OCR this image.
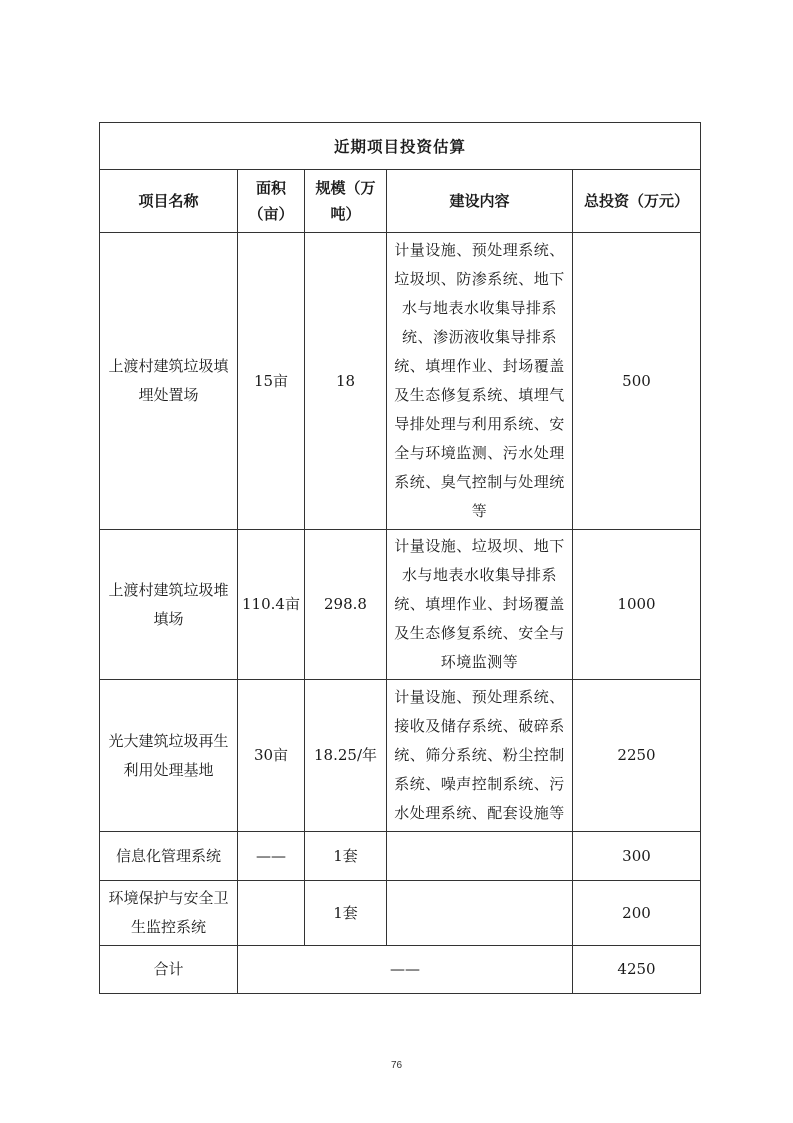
近期项目投资估算				
项目名称	面积（亩）	规模（万吨）	建设内容	总投资（万元）
上渡村建筑垃圾填埋处置场	15亩	18	计量设施、预处理系统、垃圾坝、防渗系统、地下水与地表水收集导排系统、渗沥液收集导排系统、填埋作业、封场覆盖及生态修复系统、填埋气导排处理与利用系统、安全与环境监测、污水处理系统、臭气控制与处理统等	500
上渡村建筑垃圾堆填场	110.4亩	298.8	计量设施、垃圾坝、地下水与地表水收集导排系统、填埋作业、封场覆盖及生态修复系统、安全与环境监测等	1000
光大建筑垃圾再生利用处理基地	30亩	18.25/年	计量设施、预处理系统、接收及储存系统、破碎系统、筛分系统、粉尘控制系统、噪声控制系统、污水处理系统、配套设施等	2250
信息化管理系统	——	1套		300
环境保护与安全卫生监控系统		1套		200
合计	——			4250
76
